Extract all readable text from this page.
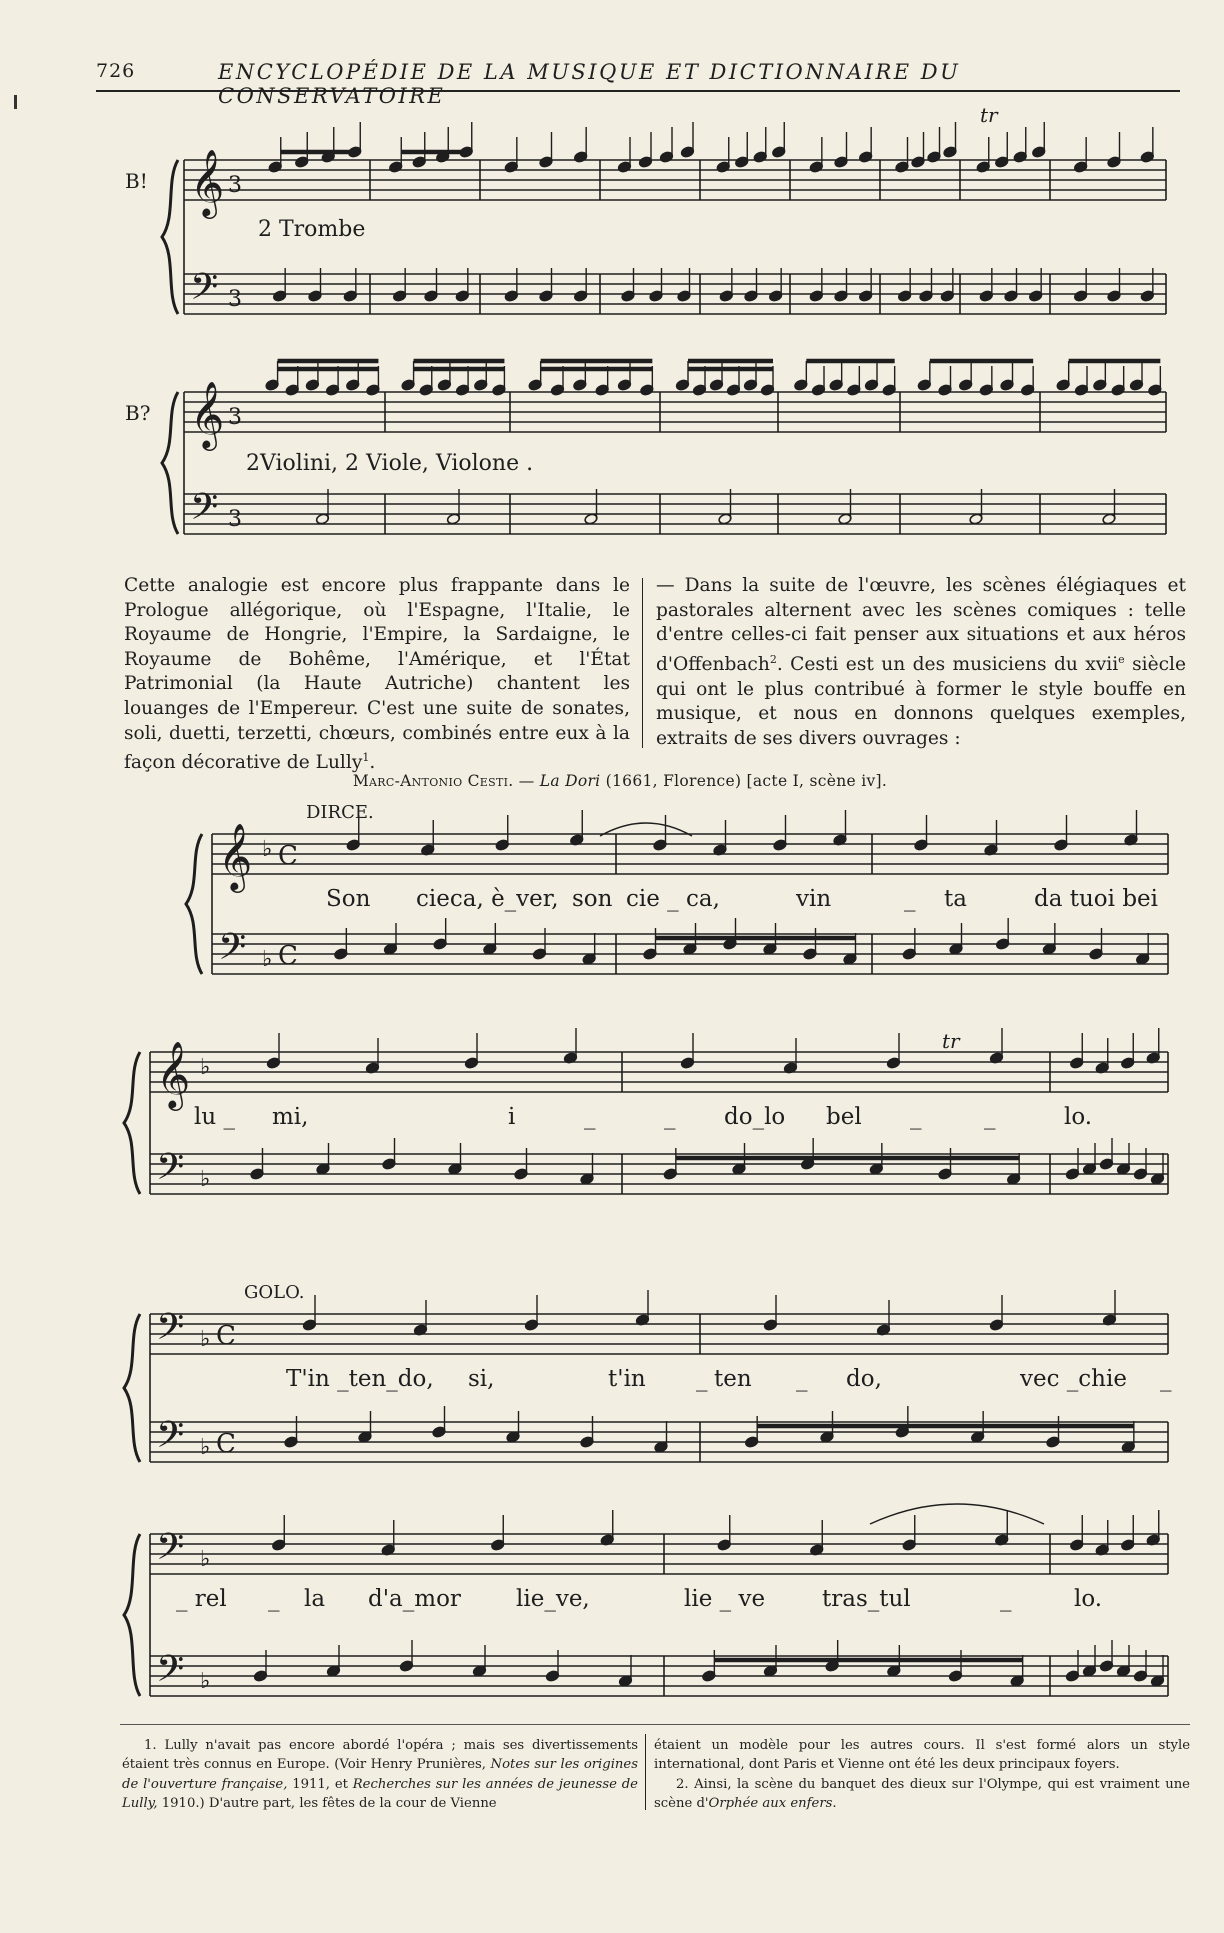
726	ENCYCLOPÉDIE DE LA MUSIQUE ET DICTIONNAIRE DU CONSERVATOIRE
B! 𝄞
𝄢
3
3
2 Trombe
tr
B? 𝄞
𝄢
3
3
2Violini, 2 Viole, Violone .
𝄞
𝄢
♭
♭
C
C
DIRCE.
Son cieca, è_ver, son cie _ ca,	vin	_ ta	da tuoi bei
𝄞
𝄢
♭
♭
lu _ mi,	i	_	_ do_lo bel _	_	lo.
tr
𝄢
𝄢
♭
♭
C
C
GOLO.
T'in _ten_do, si,	t'in _ ten _ do,	vec _chie _
𝄢
𝄢
♭
♭
_ rel _ la d'a_mor lie_ve,	lie _ ve tras_tul	_	lo.
Cette analogie est encore plus frappante dans le Prologue allégorique, où l'Espagne, l'Italie, le Royaume de Hongrie, l'Empire, la Sardaigne, le Royaume de Bohême, l'Amérique, et l'État Patrimonial (la Haute Autriche) chantent les louanges de l'Empereur. C'est une suite de sonates, soli, duetti, terzetti, chœurs, combinés entre eux à la façon décorative de Lully$^1$.
— Dans la suite de l'œuvre, les scènes élégiaques et pastorales alternent avec les scènes comiques : telle d'entre celles-ci fait penser aux situations et aux héros d'Offenbach$^2$. Cesti est un des musiciens du xvii$^e$ siècle qui ont le plus contribué à former le style bouffe en musique, et nous en donnons quelques exemples, extraits de ses divers ouvrages :
Marc-Antonio Cesti. — La Dori (1661, Florence) [acte I, scène iv].

1. Lully n'avait pas encore abordé l'opéra ; mais ses divertissements étaient très connus en Europe. (Voir Henry Prunières, Notes sur les origines de l'ouverture française, 1911, et Recherches sur les années de jeunesse de Lully, 1910.) D'autre part, les fêtes de la cour de Vienne

étaient un modèle pour les autres cours. Il s'est formé alors un style international, dont Paris et Vienne ont été les deux principaux foyers.

2. Ainsi, la scène du banquet des dieux sur l'Olympe, qui est vraiment une scène d'Orphée aux enfers.
